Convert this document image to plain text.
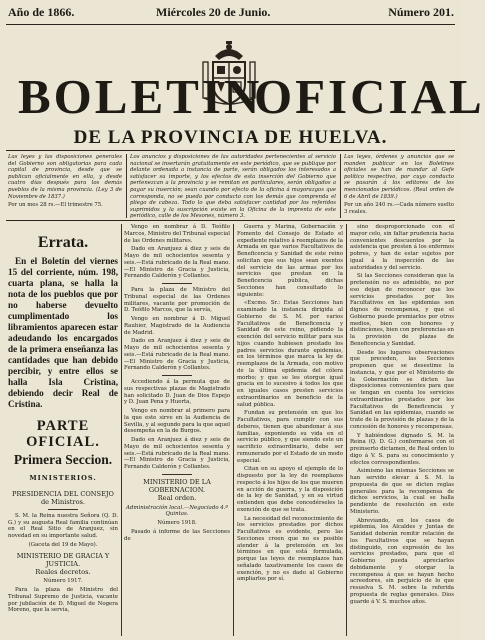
Año de 1866.	Miércoles 20 de Junio.	Número 201.
BOLETIN
OFICIAL
DE LA PROVINCIA DE HUELVA.
Las leyes y las disposiciones generales del Gobierno son obligatorias para cada capital de provincia, desde que se publican oficialmente en ella, y desde cuatro días después para los demás pueblos de la misma provincia. (Ley 3 de Noviembre de 1837.)
Por un mes 28 rs.—El trimestre 75.
Los anuncios y disposiciones de las autoridades pertenecientes al servicio nacional se insertarán gratuitamente en este periódico, que se publique por delante ordenada a instancia de parte, serán obligados los interesados a satisfacer su importe, y los efectos de esta inserción del Gobierno que pertenezcan a la provincia y se remitan en particulares, serán obligados a pagar su inserción; sean cuando por efecto de la oficina á mayorazgos que corresponda, no se pueda por conducto con los demás que comprenda el pliego de cabeza. Todo lo que deba satisfacer cantidad por los referidos suprimidos y la suscripción existe en la Oficina de la imprenta de este periódico, calle de los Mesones, número 3.
Las leyes, órdenes y anuncios que se manden publicar en los Boletines oficiales se han de mandar al Gefe político respectivo, por cuyo conducto se pasarán á los editores de los mencionados periódicos. (Real orden de 6 de Abril de 1839.)
Por un año 240 rs.—Cada número suelto 3 reales.
Errata.

En el Boletín del viernes 15 del corriente, núm. 198, cuarta plana, se halla la nota de los pueblos que por no haberse devuelto cumplimentado los libramientos aparecen estar adeudando los encargados de la primera enseñanza las cantidades que han debido percibir, y entre ellos se halla Isla Cristina, debiendo decir Real de Cristina.

PARTE OFICIAL.
Primera Seccion.
MINISTERIOS.
PRESIDENCIA DEL CONSEJO de Ministros.

S. M. la Reina nuestra Señora (Q. D. G.) y su augusta Real familia continúan en el Real Sitio de Aranjuez, sin novedad en su importante salud.

(Gaceta del 19 de Mayo).

MINISTERIO DE GRACIA Y JUSTICIA.
Reales decretos.
Número 1917.

Para la plaza de Ministro del Tribunal Supremo de Justicia, vacante por jubilación de D. Miguel de Nogera Moreno, que la servía,

Vengo en nombrar á D. Teófilo Marcos, Ministro del Tribunal especial de las Ordenes militares.

Dado en Aranjuez á diez y seis de Mayo de mil ochocientos sesenta y seis.—Está rubricado de la Real mano.—El Ministro de Gracia y Justicia, Fernando Calderón y Collantes.

Para la plaza de Ministro del Tribunal especial de las Ordenes militares, vacante por promoción de D. Teófilo Marcos, que la servía,

Vengo en nombrar á D. Miguel Rauhier, Magistrado de la Audiencia de Madrid.

Dado en Aranjuez á diez y seis de Mayo de mil ochocientos sesenta y seis.—Está rubricado de la Real mano.—El Ministro de Gracia y Justicia, Fernando Calderón y Collantes.

Accediendo á la permuta que de sus respectivas plazas de Magistrado han solicitado D. Juan de Dios Espejo y D. Juan Pena y Huerta,

Vengo en nombrar al primero para la que este sirve en la Audiencia de Sevilla, y al segundo para la que aquel desempeña en la de Burgos.

Dado en Aranjuez á diez y seis de Mayo de mil ochocientos sesenta y seis.—Está rubricado de la Real mano.—El Ministro de Gracia y Justicia, Fernando Calderón y Collantes.

MINISTERIO DE LA GOBERNACION.
Real orden.

Administración local.—Negociado 4.º Quintas.

Número 1918.

Pasado á informe de las Secciones de

Guerra y Marina, Gobernación y Fomento del Consejo de Estado el expediente relativo á reemplazos de la Armada en que varios Facultativos de Beneficencia y Sanidad de este reino solicitan que sus hijos sean exentos del servicio de las armas por los servicios que prestan en la Beneficencia pública, dichas Secciones han consultado lo siguiente:

«Excmo. Sr.: Estas Secciones han examinado la instancia dirigida al Gobierno de S. M. por varios Facultativos de Beneficencia y Sanidad de este reino, pidiendo la exención del servicio militar para sus hijos cuando hubiesen prestado los padres servicios durante epidemias, en los términos que marca la ley de reemplazos de la Armada, con motivo de la última epidemia del cólera morbo; y que se les otorgue igual gracia en lo sucesivo á todos los que en iguales casos presten servicios extraordinarios en beneficio de la salud pública.

Fundan su pretensión en que los Facultativos, para cumplir con sus deberes, tienen que abandonar á sus familias, exponiendo su vida en el servicio público, y que siendo este un sacrificio extraordinario, debe ser remunerado por el Estado de un modo especial.

Citan en su apoyo el ejemplo de lo dispuesto por la ley de reemplazos respecto á los hijos de los que mueren en acción de guerra, y la disposición de la ley de Sanidad, y en su virtud entienden que debe concedérseles la exención de que se trata.

La necesidad del reconocimiento de los servicios prestados por dichos Facultativos es evidente, pero las Secciones creen que no es posible atender á la pretensión en los términos en que está formulada, porque las leyes de reemplazos han señalado taxativamente los casos de exención, y no es dado al Gobierno ampliarlos por sí.

sino desproporcionado con el mayor celo, sin faltar prudencia hacia convenientes descuentos por la asistencia que presten á los enfermos pobres, y han de estar sujetos por igual á la inspección de las autoridades y del servicio.

Si las Secciones consideran que la pretensión no es admisible, no por eso dejan de reconocer que los servicios prestados por los Facultativos en las epidemias son dignos de recompensa, y que el Gobierno puede premiarlos por otros medios, bien con honores y distinciones, bien con preferencias en la provisión de plazas de Beneficencia y Sanidad.

Desde los lugares observaciones que preceden, las Secciones proponen que se desestime la instancia, y que por el Ministerio de la Gobernación se dicten las disposiciones convenientes para que se tengan en cuenta los servicios extraordinarios prestados por los Facultativos de Beneficencia y Sanidad en las epidemias, cuando se trate de la provisión de plazas y de la concesión de honores y recompensas.

Y habiéndose dignado S. M. la Reina (Q. D. G.) conformarse con el preinserto dictamen, de Real orden lo digo á V. S. para su conocimiento y efectos correspondientes.

Asimismo las mismas Secciones se han servido elevar á S. M. la propuesta de que se dicten reglas generales para la recompensa de dichos servicios, la cual se halla pendiente de resolución en este Ministerio.

Abreviando, en los casos de epidemia, los Alcaldes y Juntas de Sanidad deberán remitir relación de los Facultativos que se hayan distinguido, con expresión de los servicios prestados, para que el Gobierno pueda apreciarlos debidamente y otorgar la recompensa á que se hayan hecho acreedores, sin perjuicio de lo que resuelva S. M. sobre la referida propuesta de reglas generales. Dios guarde á V. S. muchos años.
